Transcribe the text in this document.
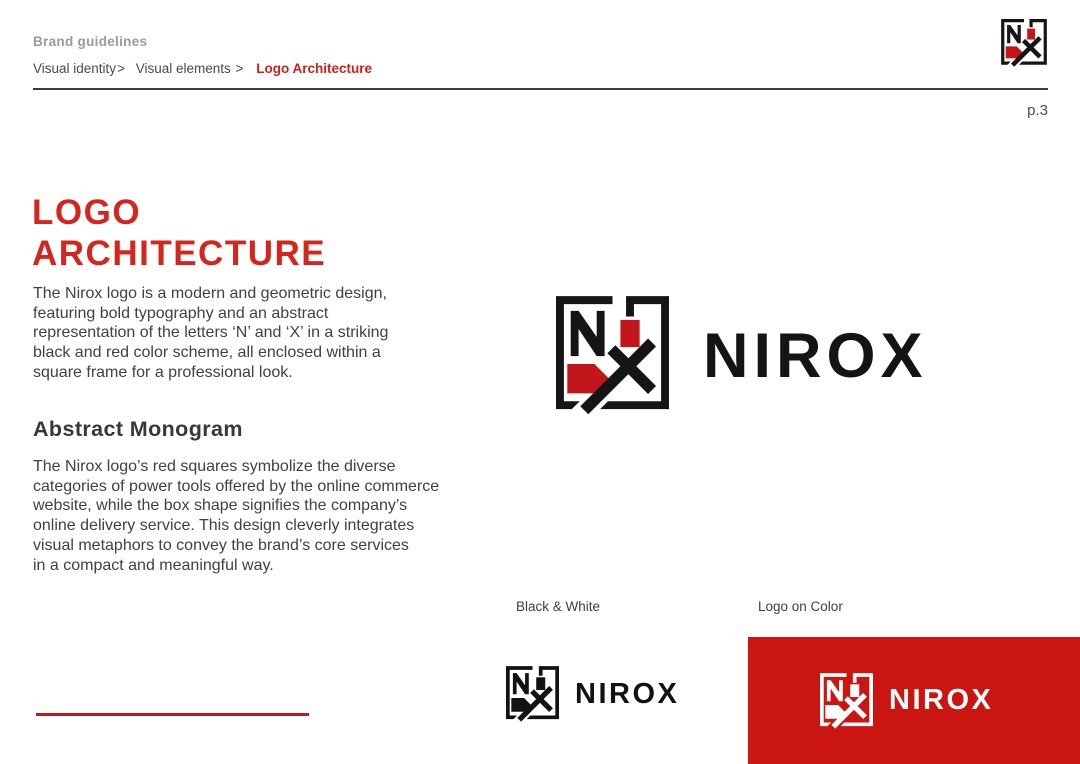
Brand guidelines
Visual identity> Visual elements > Logo Architecture
p.3
LOGO
ARCHITECTURE

The Nirox logo is a modern and geometric design,
featuring bold typography and an abstract
representation of the letters ‘N’ and ‘X’ in a striking
black and red color scheme, all enclosed within a
square frame for a professional look.

Abstract Monogram

The Nirox logo’s red squares symbolize the diverse
categories of power tools offered by the online commerce
website, while the box shape signifies the company’s
online delivery service. This design cleverly integrates
visual metaphors to convey the brand’s core services
in a compact and meaningful way.

NIROX
Black & White	Logo on Color
NIROX	NIROX
